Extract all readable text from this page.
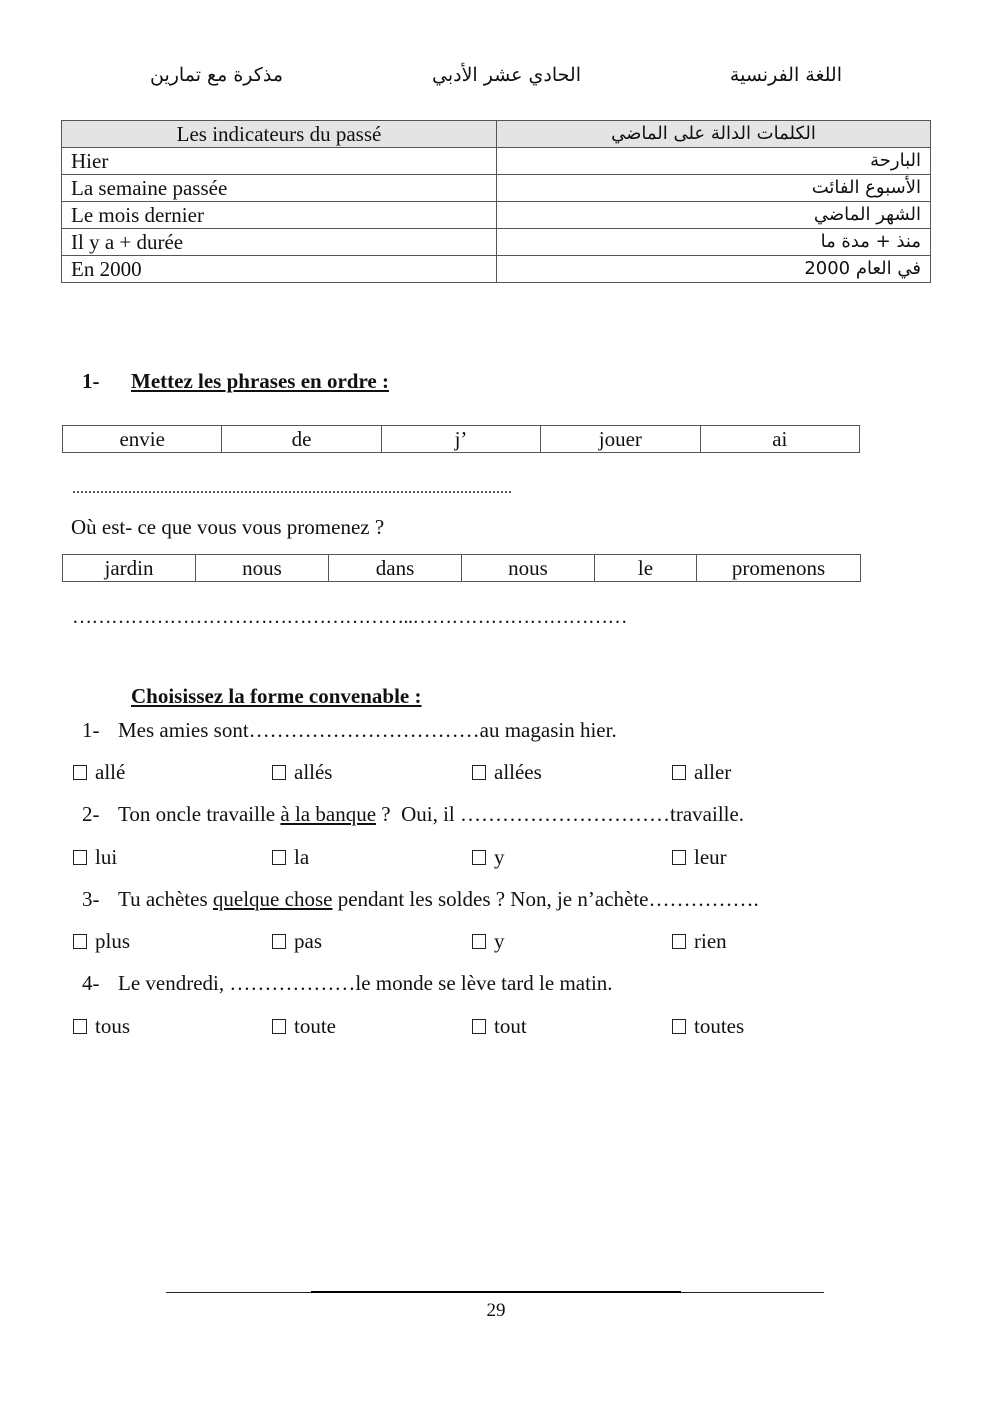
اللغة الفرنسية
الحادي عشر الأدبي
مذكرة مع تمارين
Les indicateurs du passé	الكلمات الدالة على الماضي
Hier	البارحة
La semaine passée	الأسبوع الفائت
Le mois dernier	الشهر الماضي
Il y a + durée	منذ + مدة ما
En 2000	في العام 2000
1- Mettez les phrases en ordre :
envie	de	j’	jouer	ai
..............................................................................................................
Où est- ce que vous vous promenez ?
jardin	nous	dans	nous	le	promenons
……………………………………………..……………………………
Choisissez la forme convenable :
1- Mes amies sont……………………………au magasin hier.
allé	allés	allées	aller
2- Ton oncle travaille à la banque ?  Oui, il …………………………travaille.
lui	la	y	leur
3- Tu achètes quelque chose pendant les soldes ? Non, je n’achète…………….
plus	pas	y	rien
4- Le vendredi, ………………le monde se lève tard le matin.
tous	toute	tout	toutes
29
